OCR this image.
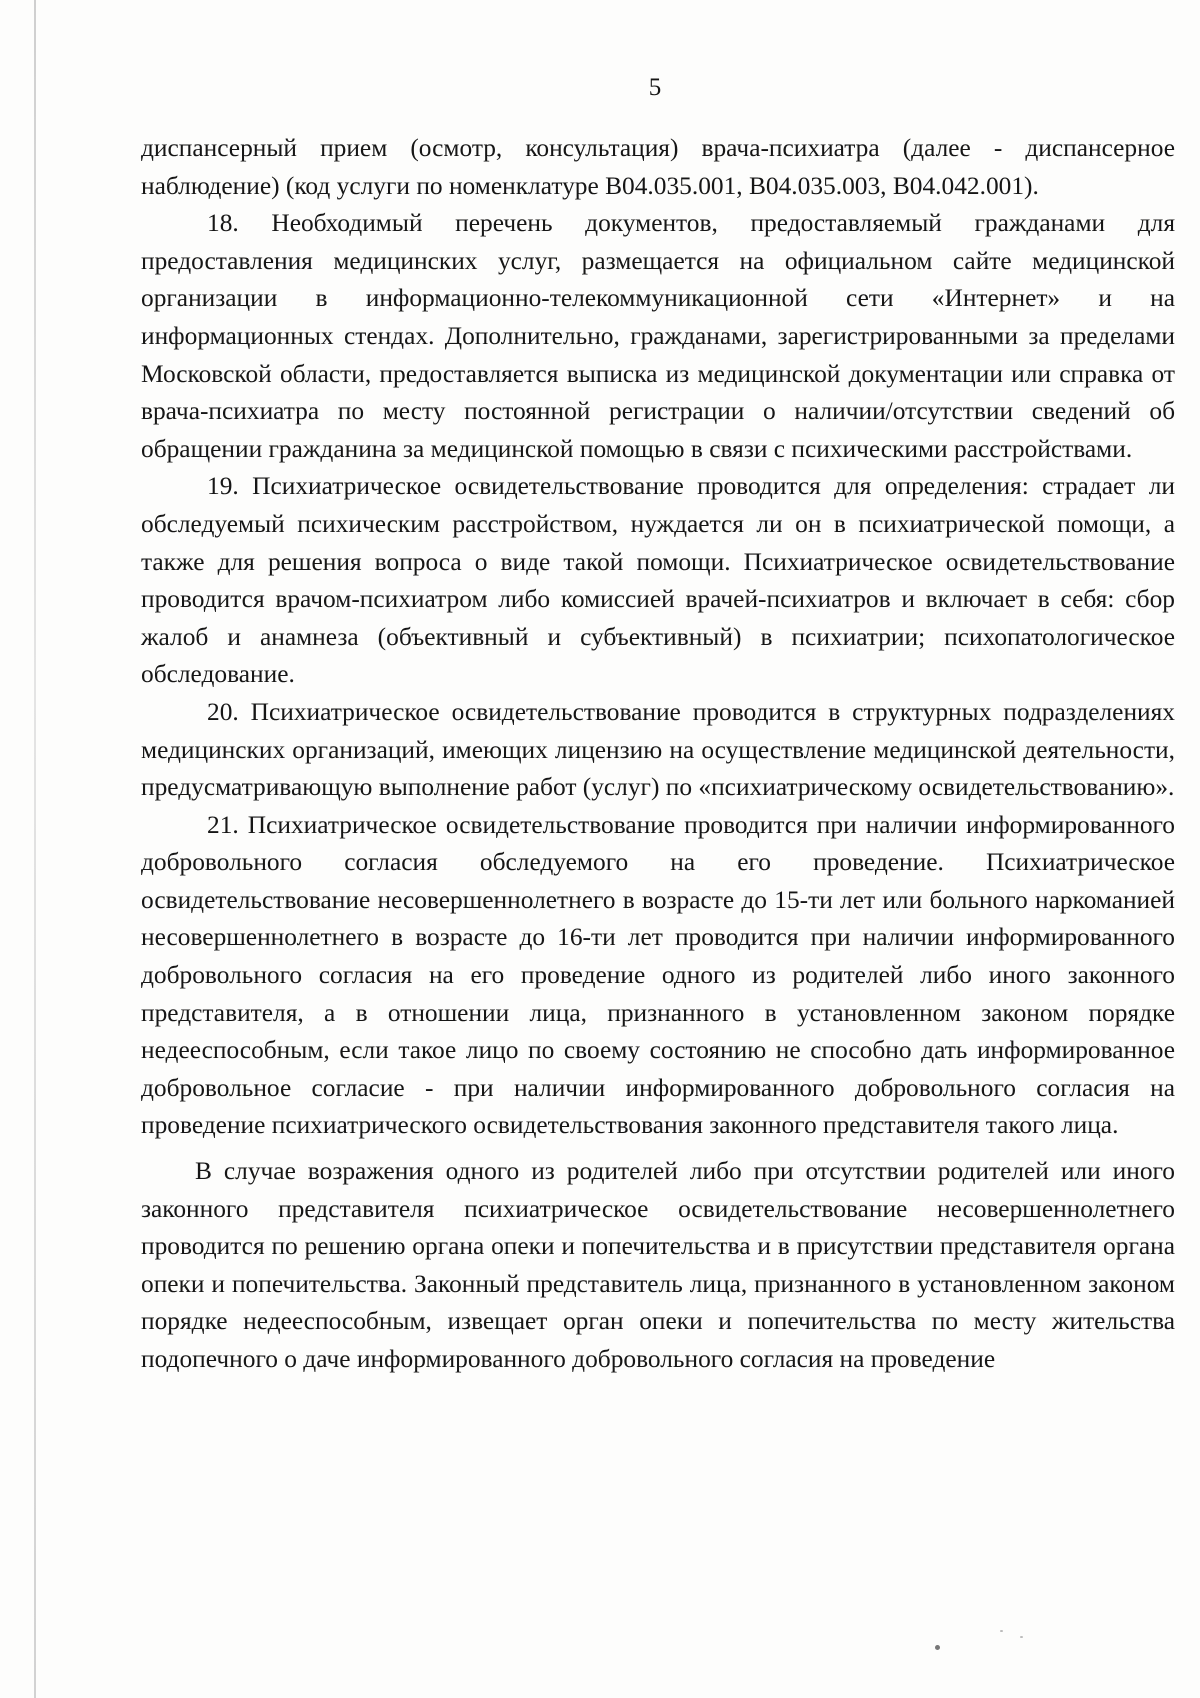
5

диспансерный прием (осмотр, консультация) врача-психиатра (далее - диспансерное наблюдение) (код услуги по номенклатуре B04.035.001, B04.035.003, B04.042.001).

18. Необходимый перечень документов, предоставляемый гражданами для предоставления медицинских услуг, размещается на официальном сайте медицинской организации в информационно-телекоммуникационной сети «Интернет» и на информационных стендах. Дополнительно, гражданами, зарегистрированными за пределами Московской области, предоставляется выписка из медицинской документации или справка от врача-психиатра по месту постоянной регистрации о наличии/отсутствии сведений об обращении гражданина за медицинской помощью в связи с психическими расстройствами.

19. Психиатрическое освидетельствование проводится для определения: страдает ли обследуемый психическим расстройством, нуждается ли он в психиатрической помощи, а также для решения вопроса о виде такой помощи. Психиатрическое освидетельствование проводится врачом-психиатром либо комиссией врачей-психиатров и включает в себя: сбор жалоб и анамнеза (объективный и субъективный) в психиатрии; психопатологическое обследование.

20. Психиатрическое освидетельствование проводится в структурных подразделениях медицинских организаций, имеющих лицензию на осуществление медицинской деятельности, предусматривающую выполнение работ (услуг) по «психиатрическому освидетельствованию».

21. Психиатрическое освидетельствование проводится при наличии информированного добровольного согласия обследуемого на его проведение. Психиатрическое освидетельствование несовершеннолетнего в возрасте до 15-ти лет или больного наркоманией несовершеннолетнего в возрасте до 16-ти лет проводится при наличии информированного добровольного согласия на его проведение одного из родителей либо иного законного представителя, а в отношении лица, признанного в установленном законом порядке недееспособным, если такое лицо по своему состоянию не способно дать информированное добровольное согласие - при наличии информированного добровольного согласия на проведение психиатрического освидетельствования законного представителя такого лица.

В случае возражения одного из родителей либо при отсутствии родителей или иного законного представителя психиатрическое освидетельствование несовершеннолетнего проводится по решению органа опеки и попечительства и в присутствии представителя органа опеки и попечительства. Законный представитель лица, признанного в установленном законом порядке недееспособным, извещает орган опеки и попечительства по месту жительства подопечного о даче информированного добровольного согласия на проведение
